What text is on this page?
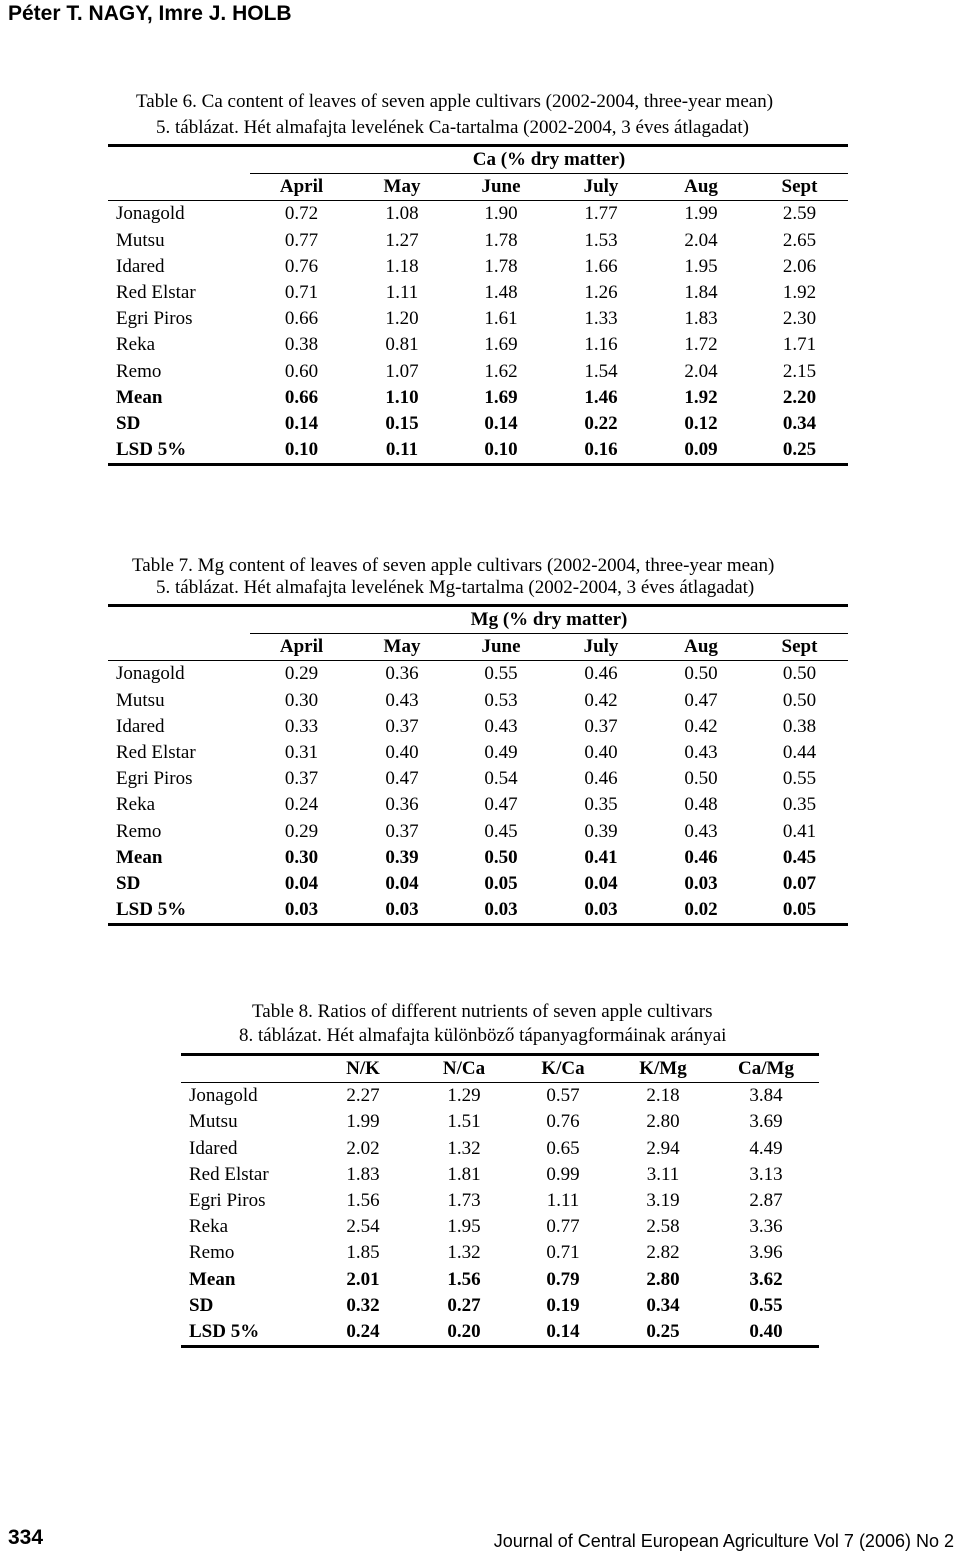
Péter T. NAGY, Imre J. HOLB
Table 6. Ca content of leaves of seven apple cultivars (2002-2004, three-year mean)
5. táblázat. Hét almafajta levelének Ca-tartalma (2002-2004, 3 éves átlagadat)
	Ca (% dry matter)					
	April	May	June	July	Aug	Sept
Jonagold	0.72	1.08	1.90	1.77	1.99	2.59
Mutsu	0.77	1.27	1.78	1.53	2.04	2.65
Idared	0.76	1.18	1.78	1.66	1.95	2.06
Red Elstar	0.71	1.11	1.48	1.26	1.84	1.92
Egri Piros	0.66	1.20	1.61	1.33	1.83	2.30
Reka	0.38	0.81	1.69	1.16	1.72	1.71
Remo	0.60	1.07	1.62	1.54	2.04	2.15
Mean	0.66	1.10	1.69	1.46	1.92	2.20
SD	0.14	0.15	0.14	0.22	0.12	0.34
LSD 5%	0.10	0.11	0.10	0.16	0.09	0.25
Table 7. Mg content of leaves of seven apple cultivars (2002-2004, three-year mean)
5. táblázat. Hét almafajta levelének Mg-tartalma (2002-2004, 3 éves átlagadat)
	Mg (% dry matter)					
	April	May	June	July	Aug	Sept
Jonagold	0.29	0.36	0.55	0.46	0.50	0.50
Mutsu	0.30	0.43	0.53	0.42	0.47	0.50
Idared	0.33	0.37	0.43	0.37	0.42	0.38
Red Elstar	0.31	0.40	0.49	0.40	0.43	0.44
Egri Piros	0.37	0.47	0.54	0.46	0.50	0.55
Reka	0.24	0.36	0.47	0.35	0.48	0.35
Remo	0.29	0.37	0.45	0.39	0.43	0.41
Mean	0.30	0.39	0.50	0.41	0.46	0.45
SD	0.04	0.04	0.05	0.04	0.03	0.07
LSD 5%	0.03	0.03	0.03	0.03	0.02	0.05
Table 8. Ratios of different nutrients of seven apple cultivars
8. táblázat. Hét almafajta különböző tápanyagformáinak arányai
	N/K	N/Ca	K/Ca	K/Mg	Ca/Mg
Jonagold	2.27	1.29	0.57	2.18	3.84
Mutsu	1.99	1.51	0.76	2.80	3.69
Idared	2.02	1.32	0.65	2.94	4.49
Red Elstar	1.83	1.81	0.99	3.11	3.13
Egri Piros	1.56	1.73	1.11	3.19	2.87
Reka	2.54	1.95	0.77	2.58	3.36
Remo	1.85	1.32	0.71	2.82	3.96
Mean	2.01	1.56	0.79	2.80	3.62
SD	0.32	0.27	0.19	0.34	0.55
LSD 5%	0.24	0.20	0.14	0.25	0.40
334	Journal of Central European Agriculture Vol 7 (2006) No 2
